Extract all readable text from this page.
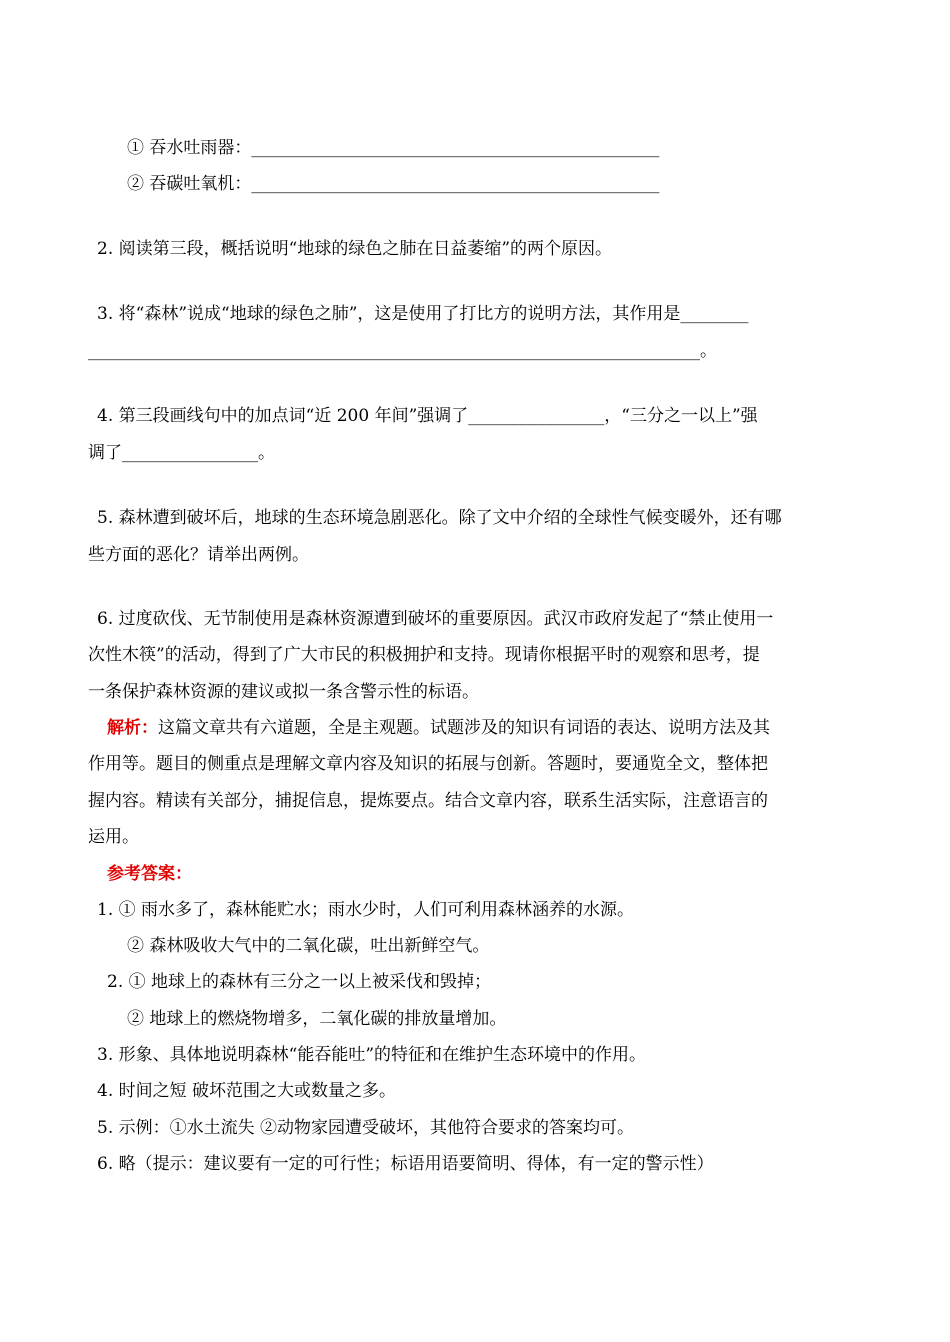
① 吞水吐雨器：________________________________________________
② 吞碳吐氧机：________________________________________________
2. 阅读第三段，概括说明“地球的绿色之肺在日益萎缩”的两个原因。
3. 将“森林”说成“地球的绿色之肺”，这是使用了打比方的说明方法，其作用是________
________________________________________________________________________。
4. 第三段画线句中的加点词“近 200 年间”强调了________________，“三分之一以上”强
调了________________。
5. 森林遭到破坏后，地球的生态环境急剧恶化。除了文中介绍的全球性气候变暖外，还有哪
些方面的恶化？请举出两例。
6. 过度砍伐、无节制使用是森林资源遭到破坏的重要原因。武汉市政府发起了“禁止使用一
次性木筷”的活动，得到了广大市民的积极拥护和支持。现请你根据平时的观察和思考，提
一条保护森林资源的建议或拟一条含警示性的标语。
解析：这篇文章共有六道题，全是主观题。试题涉及的知识有词语的表达、说明方法及其
作用等。题目的侧重点是理解文章内容及知识的拓展与创新。答题时，要通览全文，整体把
握内容。精读有关部分，捕捉信息，提炼要点。结合文章内容，联系生活实际，注意语言的
运用。
参考答案：
1. ① 雨水多了，森林能贮水；雨水少时，人们可利用森林涵养的水源。
② 森林吸收大气中的二氧化碳，吐出新鲜空气。
2. ① 地球上的森林有三分之一以上被采伐和毁掉；
② 地球上的燃烧物增多，二氧化碳的排放量增加。
3. 形象、具体地说明森林“能吞能吐”的特征和在维护生态环境中的作用。
4. 时间之短 破坏范围之大或数量之多。
5. 示例：①水土流失 ②动物家园遭受破坏，其他符合要求的答案均可。
6. 略（提示：建议要有一定的可行性；标语用语要简明、得体，有一定的警示性）
